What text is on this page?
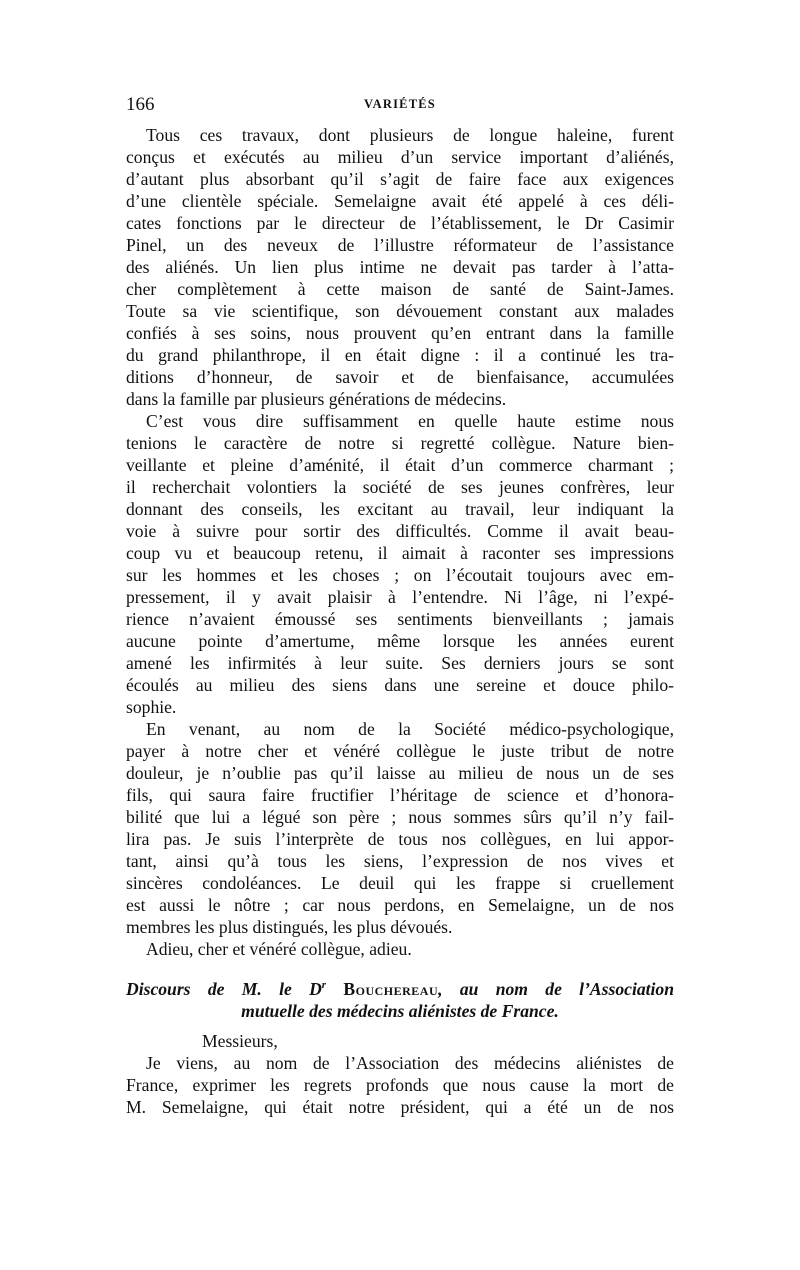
166	VARIÉTÉS
Tous ces travaux, dont plusieurs de longue haleine, furent
conçus et exécutés au milieu d’un service important d’aliénés,
d’autant plus absorbant qu’il s’agit de faire face aux exigences
d’une clientèle spéciale. Semelaigne avait été appelé à ces déli-
cates fonctions par le directeur de l’établissement, le Dr Casimir
Pinel, un des neveux de l’illustre réformateur de l’assistance
des aliénés. Un lien plus intime ne devait pas tarder à l’atta-
cher complètement à cette maison de santé de Saint-James.
Toute sa vie scientifique, son dévouement constant aux malades
confiés à ses soins, nous prouvent qu’en entrant dans la famille
du grand philanthrope, il en était digne : il a continué les tra-
ditions d’honneur, de savoir et de bienfaisance, accumulées
dans la famille par plusieurs générations de médecins.
C’est vous dire suffisamment en quelle haute estime nous
tenions le caractère de notre si regretté collègue. Nature bien-
veillante et pleine d’aménité, il était d’un commerce charmant ;
il recherchait volontiers la société de ses jeunes confrères, leur
donnant des conseils, les excitant au travail, leur indiquant la
voie à suivre pour sortir des difficultés. Comme il avait beau-
coup vu et beaucoup retenu, il aimait à raconter ses impressions
sur les hommes et les choses ; on l’écoutait toujours avec em-
pressement, il y avait plaisir à l’entendre. Ni l’âge, ni l’expé-
rience n’avaient émoussé ses sentiments bienveillants ; jamais
aucune pointe d’amertume, même lorsque les années eurent
amené les infirmités à leur suite. Ses derniers jours se sont
écoulés au milieu des siens dans une sereine et douce philo-
sophie.
En venant, au nom de la Société médico-psychologique,
payer à notre cher et vénéré collègue le juste tribut de notre
douleur, je n’oublie pas qu’il laisse au milieu de nous un de ses
fils, qui saura faire fructifier l’héritage de science et d’honora-
bilité que lui a légué son père ; nous sommes sûrs qu’il n’y fail-
lira pas. Je suis l’interprète de tous nos collègues, en lui appor-
tant, ainsi qu’à tous les siens, l’expression de nos vives et
sincères condoléances. Le deuil qui les frappe si cruellement
est aussi le nôtre ; car nous perdons, en Semelaigne, un de nos
membres les plus distingués, les plus dévoués.
Adieu, cher et vénéré collègue, adieu.
Discours de M. le $D^r$ Bouchereau, au nom de l’Association
mutuelle des médecins aliénistes de France.
Messieurs,
Je viens, au nom de l’Association des médecins aliénistes de
France, exprimer les regrets profonds que nous cause la mort de
M. Semelaigne, qui était notre président, qui a été un de nos
